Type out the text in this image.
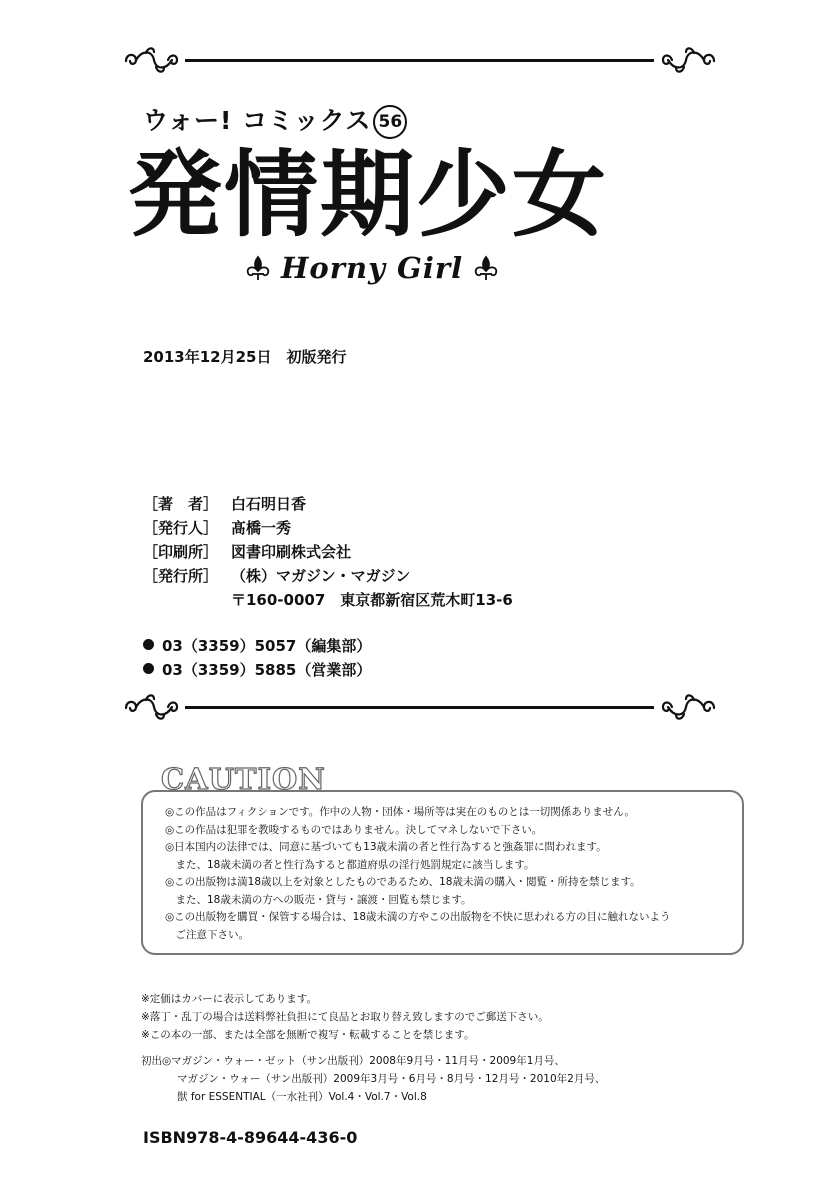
ウォー! コミックス 56
発情期少女
Horny Girl
2013年12月25日　初版発行
［著　者］ 白石明日香
［発行人］ 髙橋一秀
［印刷所］ 図書印刷株式会社
［発行所］ （株）マガジン・マガジン
〒160-0007　東京都新宿区荒木町13-6
03（3359）5057（編集部）
03（3359）5885（営業部）
◎この作品はフィクションです。作中の人物・団体・場所等は実在のものとは一切関係ありません。
◎この作品は犯罪を教唆するものではありません。決してマネしないで下さい。
◎日本国内の法律では、同意に基づいても13歳未満の者と性行為すると強姦罪に問われます。
　また、18歳未満の者と性行為すると都道府県の淫行処罰規定に該当します。
◎この出版物は満18歳以上を対象としたものであるため、18歳未満の購入・閲覧・所持を禁じます。
　また、18歳未満の方への販売・貸与・譲渡・回覧も禁じます。
◎この出版物を購買・保管する場合は、18歳未満の方やこの出版物を不快に思われる方の目に触れないよう
　ご注意下さい。
CAUTION
※定価はカバーに表示してあります。
※落丁・乱丁の場合は送料弊社負担にて良品とお取り替え致しますのでご郵送下さい。
※この本の一部、または全部を無断で複写・転載することを禁じます。
初出◎マガジン・ウォー・ゼット（サン出版刊）2008年9月号・11月号・2009年1月号、
マガジン・ウォー（サン出版刊）2009年3月号・6月号・8月号・12月号・2010年2月号、
獣 for ESSENTIAL（一水社刊）Vol.4・Vol.7・Vol.8
ISBN978-4-89644-436-0
